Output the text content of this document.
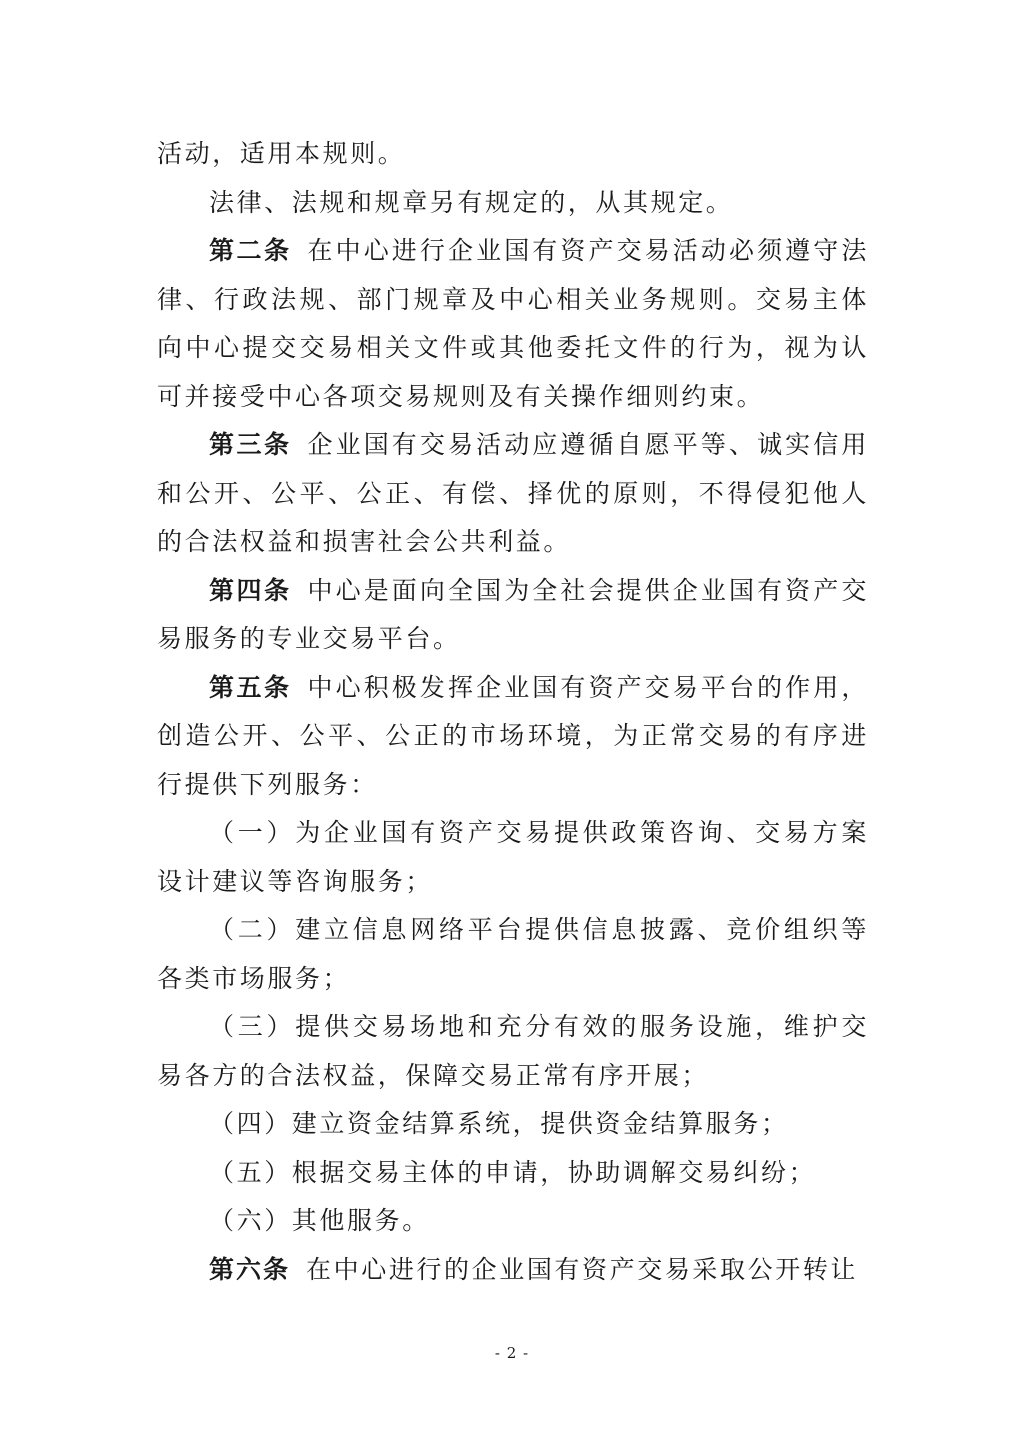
活动，适用本规则。

法律、法规和规章另有规定的，从其规定。

第二条 在中心进行企业国有资产交易活动必须遵守法律、行政法规、部门规章及中心相关业务规则。交易主体向中心提交交易相关文件或其他委托文件的行为，视为认可并接受中心各项交易规则及有关操作细则约束。

第三条 企业国有交易活动应遵循自愿平等、诚实信用和公开、公平、公正、有偿、择优的原则，不得侵犯他人的合法权益和损害社会公共利益。

第四条 中心是面向全国为全社会提供企业国有资产交易服务的专业交易平台。

第五条 中心积极发挥企业国有资产交易平台的作用，创造公开、公平、公正的市场环境，为正常交易的有序进行提供下列服务：

（一）为企业国有资产交易提供政策咨询、交易方案设计建议等咨询服务；

（二）建立信息网络平台提供信息披露、竞价组织等各类市场服务；

（三）提供交易场地和充分有效的服务设施，维护交易各方的合法权益，保障交易正常有序开展；

（四）建立资金结算系统，提供资金结算服务；

（五）根据交易主体的申请，协助调解交易纠纷；

（六）其他服务。

第六条 在中心进行的企业国有资产交易采取公开转让

- 2 -
